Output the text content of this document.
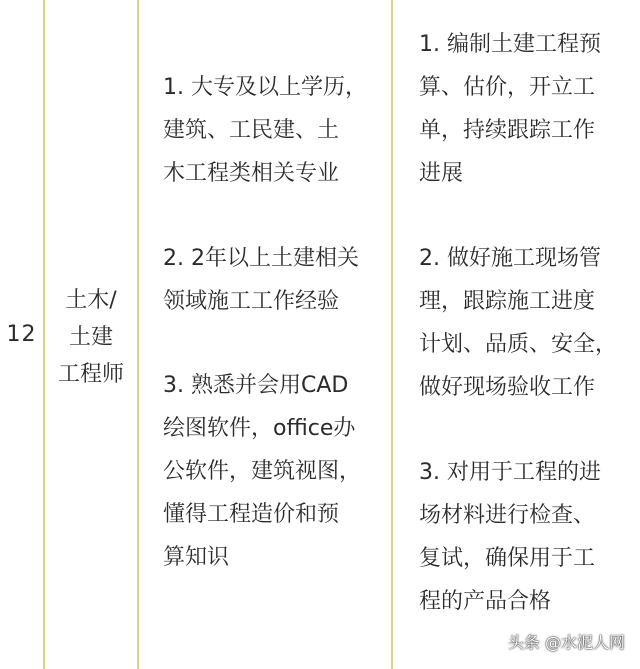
12
土木/
土建
工程师
1. 大专及以上学历，
建筑、工民建、土
木工程类相关专业
2. 2年以上土建相关
领域施工工作经验
3. 熟悉并会用CAD
绘图软件，office办
公软件，建筑视图，
懂得工程造价和预
算知识
1. 编制土建工程预
算、估价，开立工
单，持续跟踪工作
进展
2. 做好施工现场管
理，跟踪施工进度
计划、品质、安全，
做好现场验收工作
3. 对用于工程的进
场材料进行检查、
复试，确保用于工
程的产品合格
头条 @水泥人网
